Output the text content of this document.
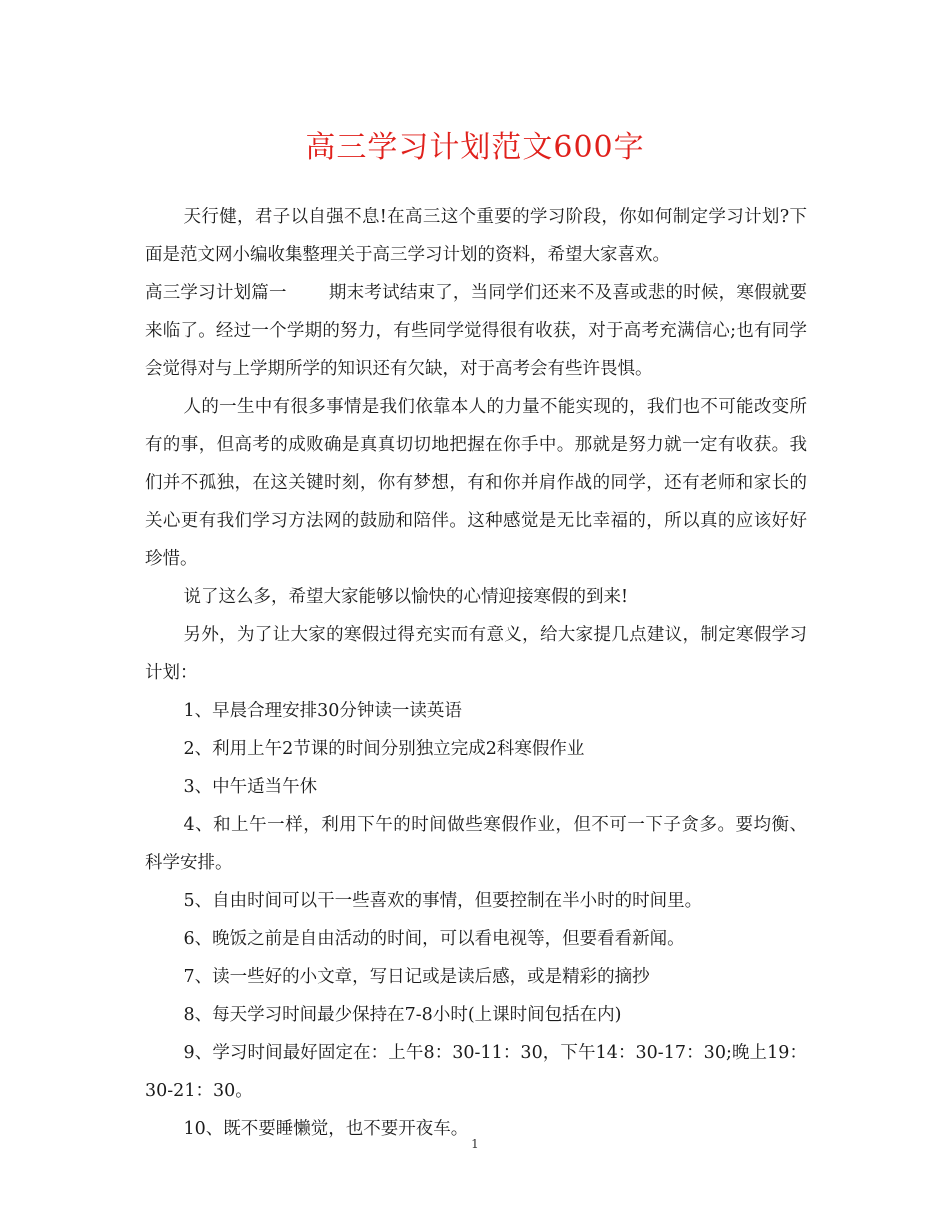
高三学习计划范文600字

天行健，君子以自强不息!在高三这个重要的学习阶段，你如何制定学习计划?下面是范文网小编收集整理关于高三学习计划的资料，希望大家喜欢。

高三学习计划篇一 期末考试结束了，当同学们还来不及喜或悲的时候，寒假就要来临了。经过一个学期的努力，有些同学觉得很有收获，对于高考充满信心;也有同学会觉得对与上学期所学的知识还有欠缺，对于高考会有些许畏惧。

人的一生中有很多事情是我们依靠本人的力量不能实现的，我们也不可能改变所有的事，但高考的成败确是真真切切地把握在你手中。那就是努力就一定有收获。我们并不孤独，在这关键时刻，你有梦想，有和你并肩作战的同学，还有老师和家长的关心更有我们学习方法网的鼓励和陪伴。这种感觉是无比幸福的，所以真的应该好好珍惜。

说了这么多，希望大家能够以愉快的心情迎接寒假的到来!

另外，为了让大家的寒假过得充实而有意义，给大家提几点建议，制定寒假学习计划：

1、早晨合理安排30分钟读一读英语

2、利用上午2节课的时间分别独立完成2科寒假作业

3、中午适当午休

4、和上午一样，利用下午的时间做些寒假作业，但不可一下子贪多。要均衡、科学安排。

5、自由时间可以干一些喜欢的事情，但要控制在半小时的时间里。

6、晚饭之前是自由活动的时间，可以看电视等，但要看看新闻。

7、读一些好的小文章，写日记或是读后感，或是精彩的摘抄

8、每天学习时间最少保持在7-8小时(上课时间包括在内)

9、学习时间最好固定在：上午8：30-11：30，下午14：30-17：30;晚上19：30-21：30。

10、既不要睡懒觉，也不要开夜车。

1
